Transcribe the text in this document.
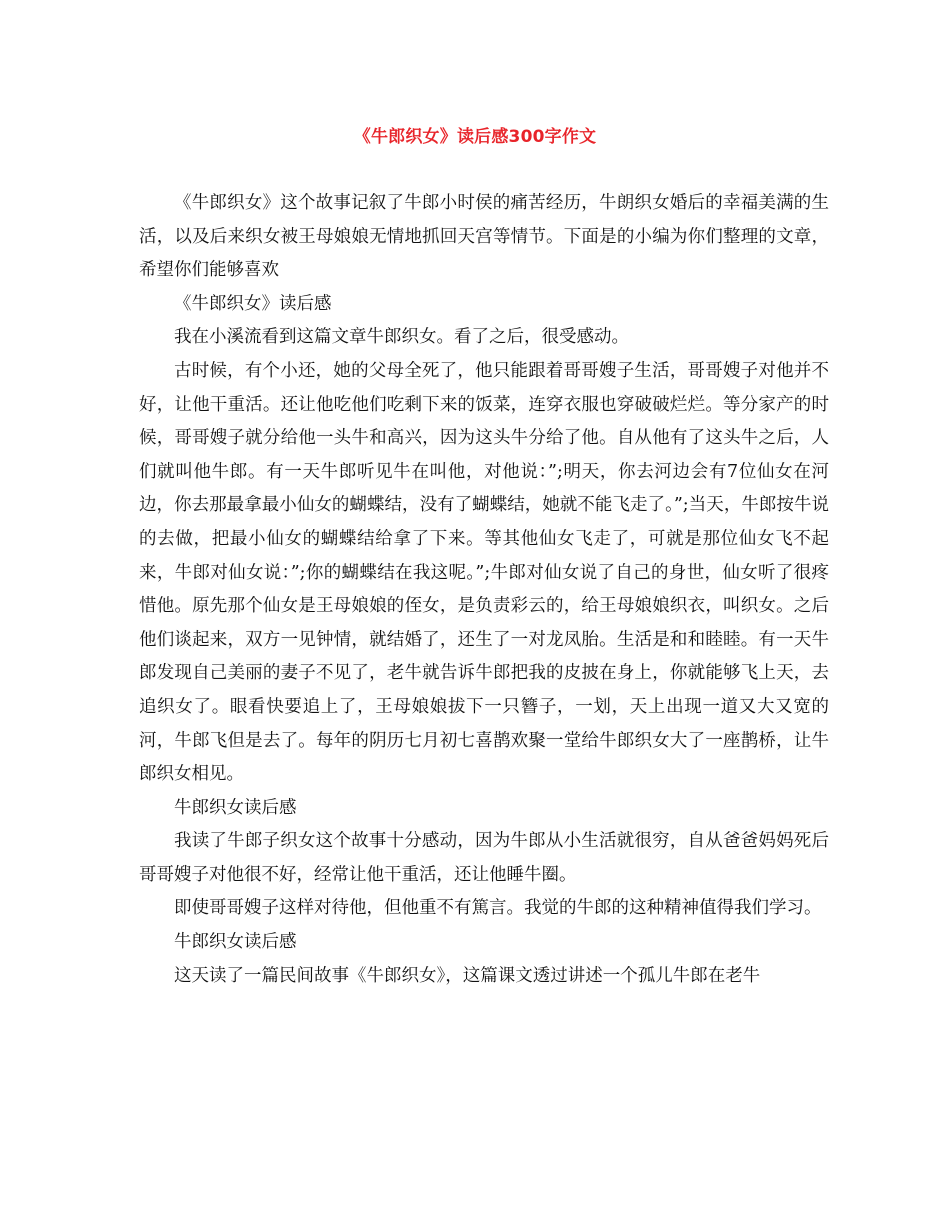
《牛郎织女》读后感300字作文

《牛郎织女》这个故事记叙了牛郎小时侯的痛苦经历，牛朗织女婚后的幸福美满的生活，以及后来织女被王母娘娘无情地抓回天宫等情节。下面是的小编为你们整理的文章，希望你们能够喜欢

《牛郎织女》读后感

我在小溪流看到这篇文章牛郎织女。看了之后，很受感动。

古时候，有个小还，她的父母全死了，他只能跟着哥哥嫂子生活，哥哥嫂子对他并不好，让他干重活。还让他吃他们吃剩下来的饭菜，连穿衣服也穿破破烂烂。等分家产的时候，哥哥嫂子就分给他一头牛和高兴，因为这头牛分给了他。自从他有了这头牛之后，人们就叫他牛郎。有一天牛郎听见牛在叫他，对他说：”;明天，你去河边会有7位仙女在河边，你去那最拿最小仙女的蝴蝶结，没有了蝴蝶结，她就不能飞走了。”;当天，牛郎按牛说的去做，把最小仙女的蝴蝶结给拿了下来。等其他仙女飞走了，可就是那位仙女飞不起来，牛郎对仙女说：”;你的蝴蝶结在我这呢。”;牛郎对仙女说了自己的身世，仙女听了很疼惜他。原先那个仙女是王母娘娘的侄女，是负责彩云的，给王母娘娘织衣，叫织女。之后他们谈起来，双方一见钟情，就结婚了，还生了一对龙凤胎。生活是和和睦睦。有一天牛郎发现自己美丽的妻子不见了，老牛就告诉牛郎把我的皮披在身上，你就能够飞上天，去追织女了。眼看快要追上了，王母娘娘拔下一只簪子，一划，天上出现一道又大又宽的河，牛郎飞但是去了。每年的阴历七月初七喜鹊欢聚一堂给牛郎织女大了一座鹊桥，让牛郎织女相见。

牛郎织女读后感

我读了牛郎子织女这个故事十分感动，因为牛郎从小生活就很穷，自从爸爸妈妈死后哥哥嫂子对他很不好，经常让他干重活，还让他睡牛圈。

即使哥哥嫂子这样对待他，但他重不有篤言。我觉的牛郎的这种精神值得我们学习。

牛郎织女读后感

这天读了一篇民间故事《牛郎织女》，这篇课文透过讲述一个孤儿牛郎在老牛
